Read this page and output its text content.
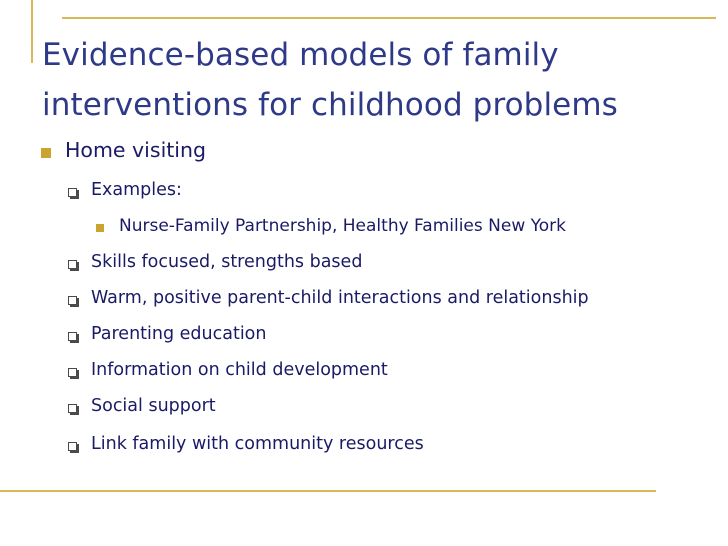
Evidence-based models of family
interventions for childhood problems
Home visiting
Examples:
Nurse-Family Partnership, Healthy Families New York
Skills focused, strengths based
Warm, positive parent-child interactions and relationship
Parenting education
Information on child development
Social support
Link family with community resources
